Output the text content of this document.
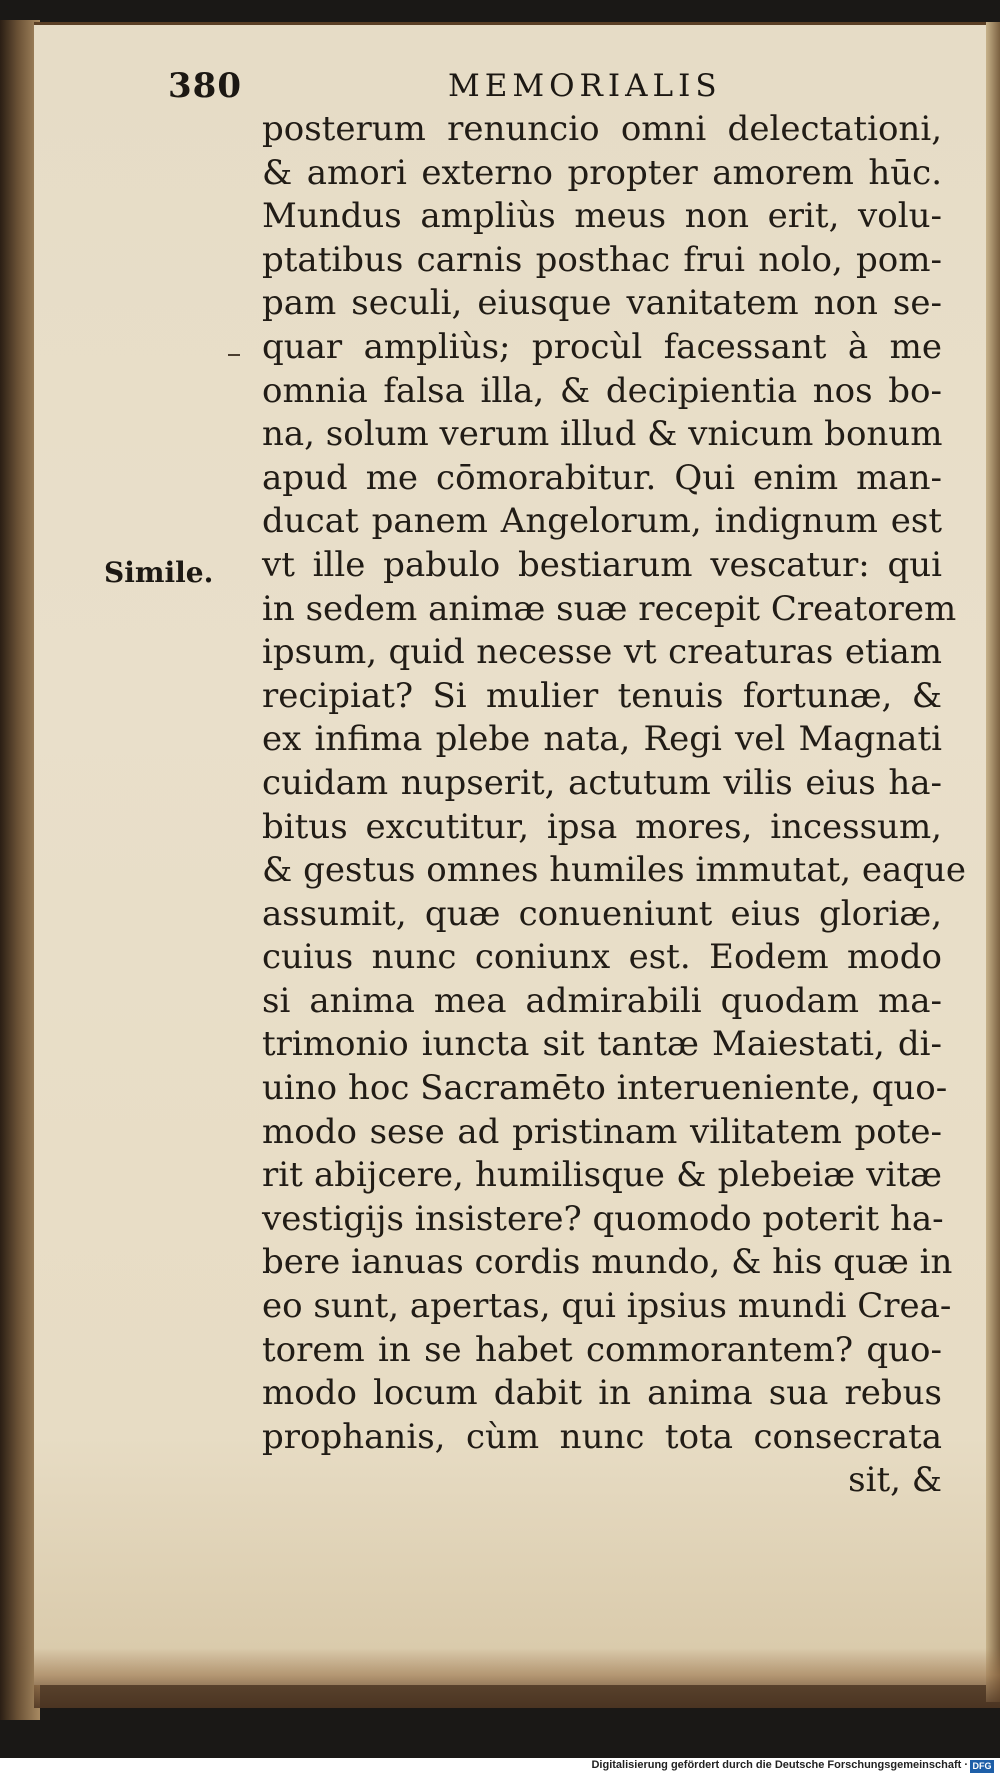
380	MEMORIALIS
Simile.
posterum renuncio omni delectationi,
& amori externo propter amorem hūc.
Mundus ampliùs meus non erit, volu-
ptatibus carnis posthac frui nolo, pom-
pam seculi, eiusque vanitatem non se-
quar ampliùs; procùl facessant à me
omnia falsa illa, & decipientia nos bo-
na, solum verum illud & vnicum bonum
apud me cōmorabitur. Qui enim man-
ducat panem Angelorum, indignum est
vt ille pabulo bestiarum vescatur: qui
in sedem animæ suæ recepit Creatorem
ipsum, quid necesse vt creaturas etiam
recipiat? Si mulier tenuis fortunæ, &
ex infima plebe nata, Regi vel Magnati
cuidam nupserit, actutum vilis eius ha-
bitus excutitur, ipsa mores, incessum,
& gestus omnes humiles immutat, eaque
assumit, quæ conueniunt eius gloriæ,
cuius nunc coniunx est. Eodem modo
si anima mea admirabili quodam ma-
trimonio iuncta sit tantæ Maiestati, di-
uino hoc Sacramēto interueniente, quo-
modo sese ad pristinam vilitatem pote-
rit abijcere, humilisque & plebeiæ vitæ
vestigijs insistere? quomodo poterit ha-
bere ianuas cordis mundo, & his quæ in
eo sunt, apertas, qui ipsius mundi Crea-
torem in se habet commorantem? quo-
modo locum dabit in anima sua rebus
prophanis, cùm nunc tota consecrata
sit, &
Digitalisierung gefördert durch die Deutsche Forschungsgemeinschaft · DFG
